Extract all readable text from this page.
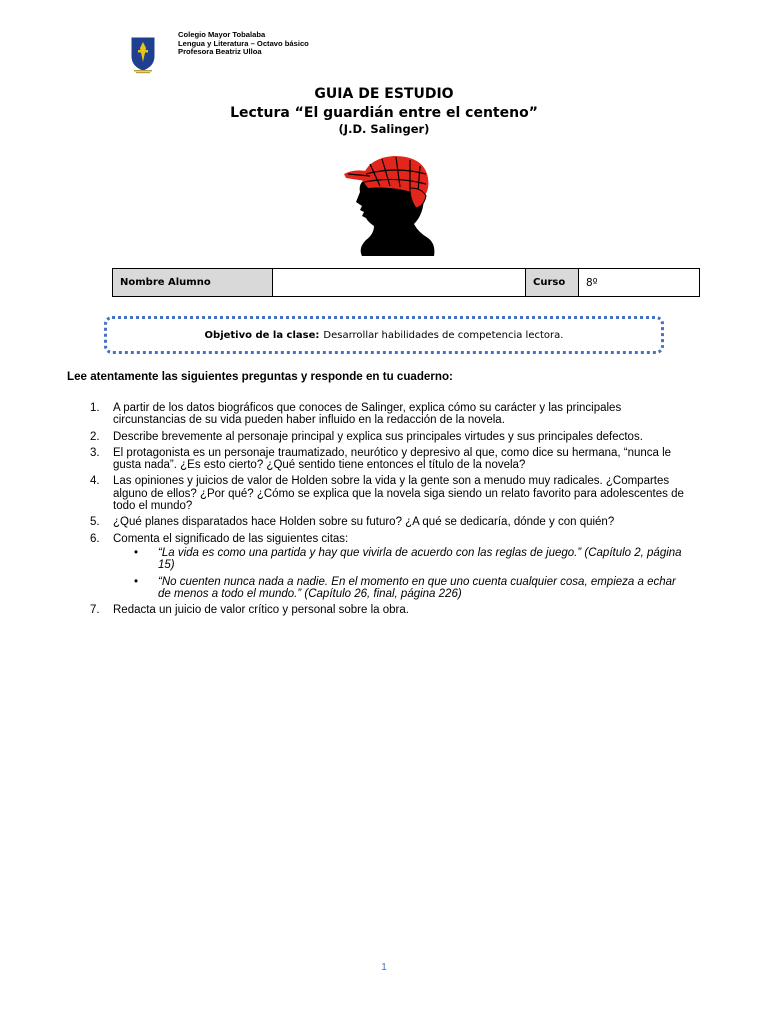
Colegio Mayor Tobalaba
Lengua y Literatura – Octavo básico
Profesora Beatriz Ulloa
GUIA DE ESTUDIO
Lectura “El guardián entre el centeno”
(J.D. Salinger)
Nombre Alumno		Curso	8º
Objetivo de la clase: Desarrollar habilidades de competencia lectora.
Lee atentamente las siguientes preguntas y responde en tu cuaderno:
1. A partir de los datos biográficos que conoces de Salinger, explica cómo su carácter y las principales circunstancias de su vida pueden haber influido en la redacción de la novela.
2. Describe brevemente al personaje principal y explica sus principales virtudes y sus principales defectos.
3. El protagonista es un personaje traumatizado, neurótico y depresivo al que, como dice su hermana, “nunca le gusta nada”. ¿Es esto cierto? ¿Qué sentido tiene entonces el título de la novela?
4. Las opiniones y juicios de valor de Holden sobre la vida y la gente son a menudo muy radicales. ¿Compartes alguno de ellos? ¿Por qué? ¿Cómo se explica que la novela siga siendo un relato favorito para adolescentes de todo el mundo?
5. ¿Qué planes disparatados hace Holden sobre su futuro? ¿A qué se dedicaría, dónde y con quién?
6. Comenta el significado de las siguientes citas:
• “La vida es como una partida y hay que vivirla de acuerdo con las reglas de juego.” (Capítulo 2, página 15)
• “No cuenten nunca nada a nadie. En el momento en que uno cuenta cualquier cosa, empieza a echar de menos a todo el mundo.” (Capítulo 26, final, página 226)
7. Redacta un juicio de valor crítico y personal sobre la obra.
1
